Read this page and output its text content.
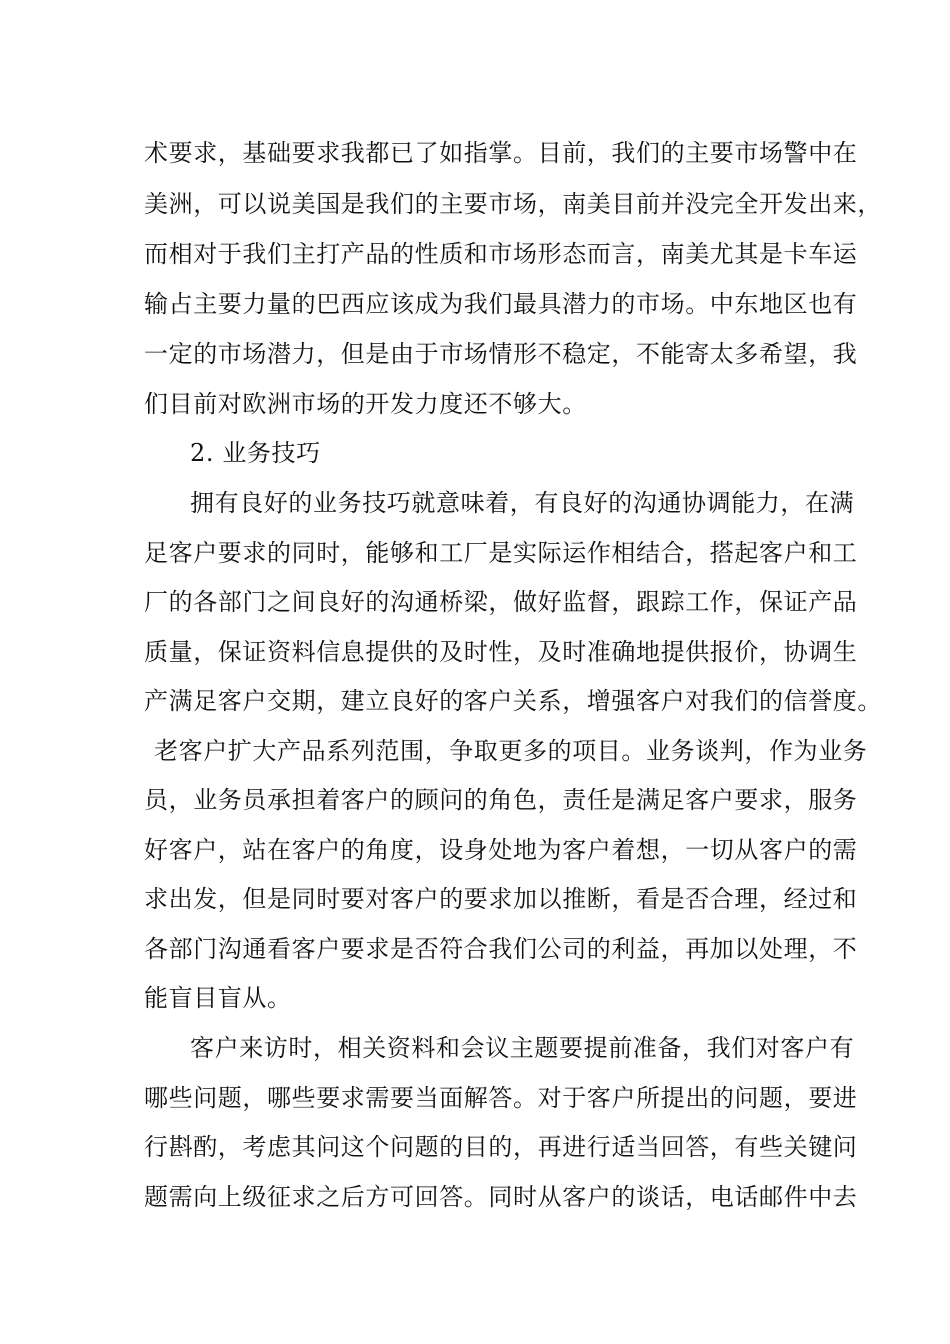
术要求，基础要求我都已了如指掌。目前，我们的主要市场警中在
美洲，可以说美国是我们的主要市场，南美目前并没完全开发出来，
而相对于我们主打产品的性质和市场形态而言，南美尤其是卡车运
输占主要力量的巴西应该成为我们最具潜力的市场。中东地区也有
一定的市场潜力，但是由于市场情形不稳定，不能寄太多希望，我
们目前对欧洲市场的开发力度还不够大。
2. 业务技巧
拥有良好的业务技巧就意味着，有良好的沟通协调能力，在满
足客户要求的同时，能够和工厂是实际运作相结合，搭起客户和工
厂的各部门之间良好的沟通桥梁，做好监督，跟踪工作，保证产品
质量，保证资料信息提供的及时性，及时准确地提供报价，协调生
产满足客户交期，建立良好的客户关系，增强客户对我们的信誉度。
老客户扩大产品系列范围，争取更多的项目。业务谈判，作为业务
员，业务员承担着客户的顾问的角色，责任是满足客户要求，服务
好客户，站在客户的角度，设身处地为客户着想，一切从客户的需
求出发，但是同时要对客户的要求加以推断，看是否合理，经过和
各部门沟通看客户要求是否符合我们公司的利益，再加以处理，不
能盲目盲从。
客户来访时，相关资料和会议主题要提前准备，我们对客户有
哪些问题，哪些要求需要当面解答。对于客户所提出的问题，要进
行斟酌，考虑其问这个问题的目的，再进行适当回答，有些关键问
题需向上级征求之后方可回答。同时从客户的谈话，电话邮件中去
